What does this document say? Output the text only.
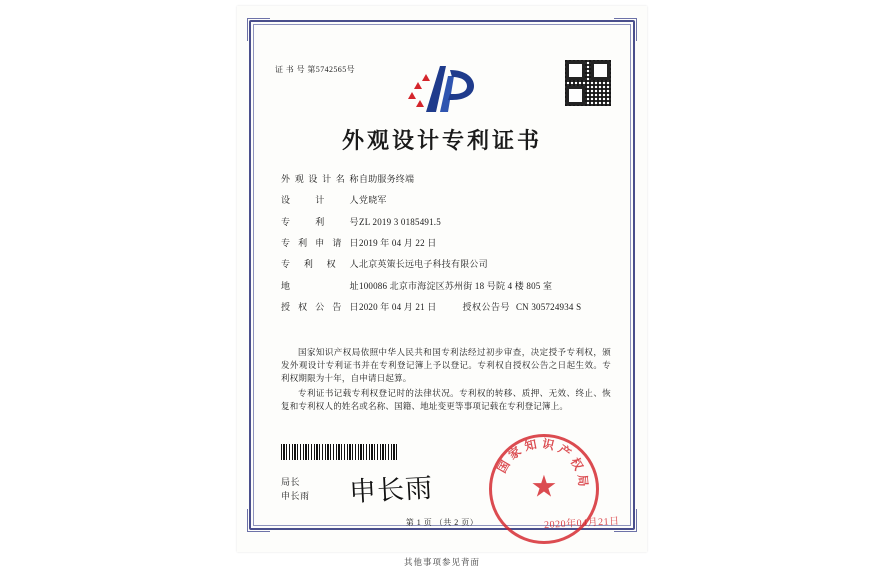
证 书 号 第5742565号
外观设计专利证书
外观设计名称 自助服务终端
设 计 人 党晓军
专 利 号 ZL 2019 3 0185491.5
专利申请日 2019 年 04 月 22 日
专 利 权 人 北京英策长远电子科技有限公司
地 址 100086 北京市海淀区苏州街 18 号院 4 楼 805 室
授权公告日 2020 年 04 月 21 日	授权公告号 CN 305724934 S

国家知识产权局依照中华人民共和国专利法经过初步审查，决定授予专利权，颁发外观设计专利证书并在专利登记簿上予以登记。专利权自授权公告之日起生效。专利权期限为十年，自申请日起算。

专利证书记载专利权登记时的法律状况。专利权的转移、质押、无效、终止、恢复和专利权人的姓名或名称、国籍、地址变更等事项记载在专利登记簿上。

局长
申长雨 申长雨	★
国家知识产权局
2020年04月21日
第 1 页 （共 2 页）
其他事项参见背面
